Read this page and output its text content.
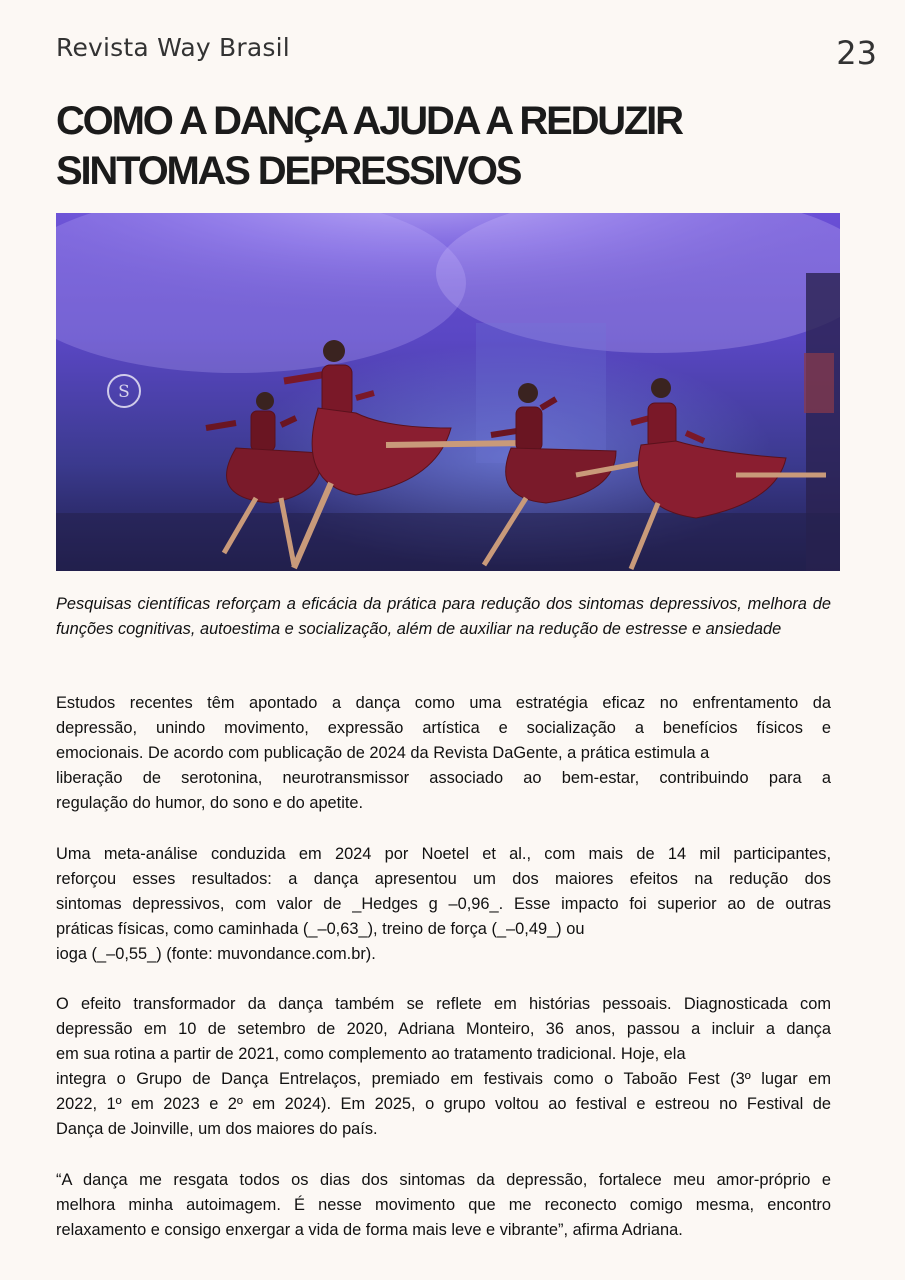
Revista Way Brasil	23
COMO A DANÇA AJUDA A REDUZIR
SINTOMAS DEPRESSIVOS
S

Pesquisas científicas reforçam a eficácia da prática para redução dos sintomas depressivos, melhora de funções cognitivas, autoestima e socialização, além de auxiliar na redução de estresse e ansiedade

Estudos recentes têm apontado a dança como uma estratégia eficaz no enfrentamento da
depressão, unindo movimento, expressão artística e socialização a benefícios físicos e
emocionais. De acordo com publicação de 2024 da Revista DaGente, a prática estimula a
liberação de serotonina, neurotransmissor associado ao bem-estar, contribuindo para a
regulação do humor, do sono e do apetite.

Uma meta-análise conduzida em 2024 por Noetel et al., com mais de 14 mil participantes,
reforçou esses resultados: a dança apresentou um dos maiores efeitos na redução dos
sintomas depressivos, com valor de _Hedges g –0,96_. Esse impacto foi superior ao de outras
práticas físicas, como caminhada (_–0,63_), treino de força (_–0,49_) ou
ioga (_–0,55_) (fonte: muvondance.com.br).

O efeito transformador da dança também se reflete em histórias pessoais. Diagnosticada com
depressão em 10 de setembro de 2020, Adriana Monteiro, 36 anos, passou a incluir a dança
em sua rotina a partir de 2021, como complemento ao tratamento tradicional. Hoje, ela
integra o Grupo de Dança Entrelaços, premiado em festivais como o Taboão Fest (3º lugar em
2022, 1º em 2023 e 2º em 2024). Em 2025, o grupo voltou ao festival e estreou no Festival de
Dança de Joinville, um dos maiores do país.

“A dança me resgata todos os dias dos sintomas da depressão, fortalece meu amor-próprio e
melhora minha autoimagem. É nesse movimento que me reconecto comigo mesma, encontro
relaxamento e consigo enxergar a vida de forma mais leve e vibrante”, afirma Adriana.
